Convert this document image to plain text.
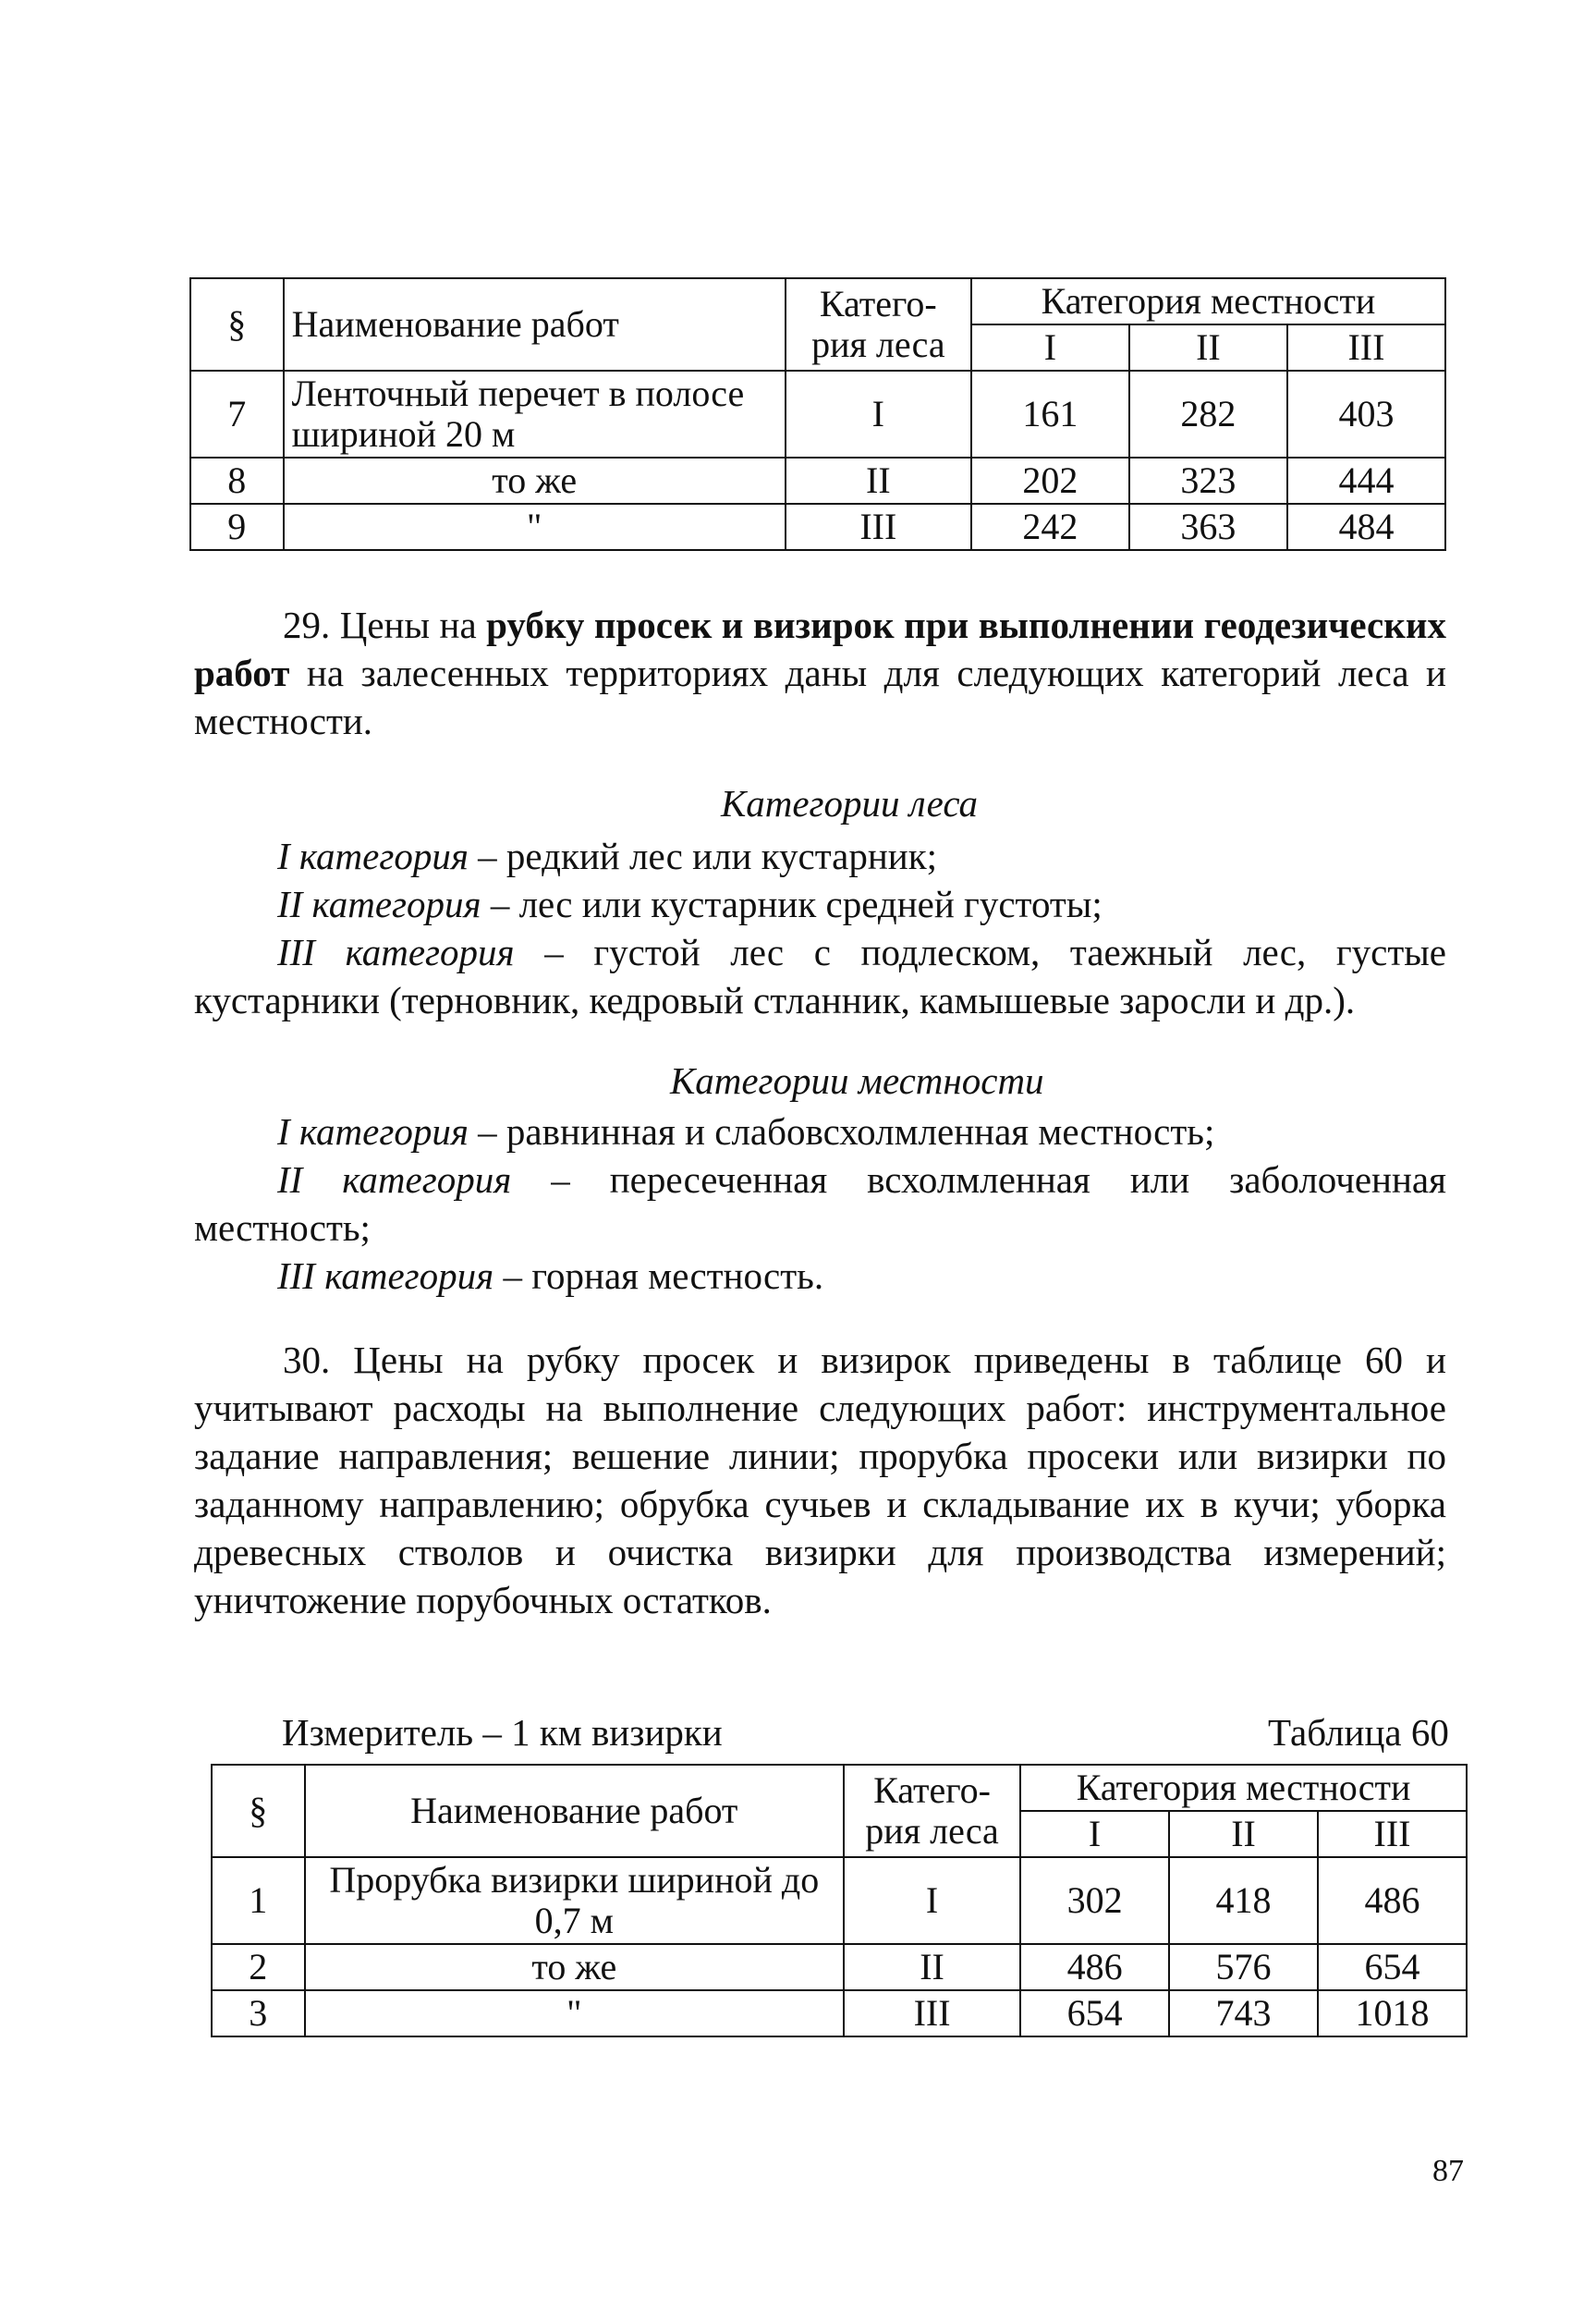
§	Наименование работ	Катего-рия леса	Категория местности		
			I	II	III
7	Ленточный перечет в полосе шириной 20 м	I	161	282	403
8	то же	II	202	323	444
9	"	III	242	363	484
29. Цены на рубку просек и визирок при выполнении геодезических работ на залесенных территориях даны для следующих категорий леса и местности.
Категории леса
I категория – редкий лес или кустарник;
II категория – лес или кустарник средней густоты;
III категория – густой лес с подлеском, таежный лес, густые кустарники (терновник, кедровый стланник, камышевые заросли и др.).
Категории местности
I категория – равнинная и слабовсхолмленная местность;
II категория – пересеченная всхолмленная или заболоченная местность;
III категория – горная местность.
30. Цены на рубку просек и визирок приведены в таблице 60 и учитывают расходы на выполнение следующих работ: инструментальное задание направления; вешение линии; прорубка просеки или визирки по заданному направлению; обрубка сучьев и складывание их в кучи; уборка древесных стволов и очистка визирки для производства измерений; уничтожение порубочных остатков.
Измеритель – 1 км визирки	Таблица 60
§	Наименование работ	Катего-рия леса	Категория местности		
			I	II	III
1	Прорубка визирки шириной до 0,7 м	I	302	418	486
2	то же	II	486	576	654
3	"	III	654	743	1018
87
